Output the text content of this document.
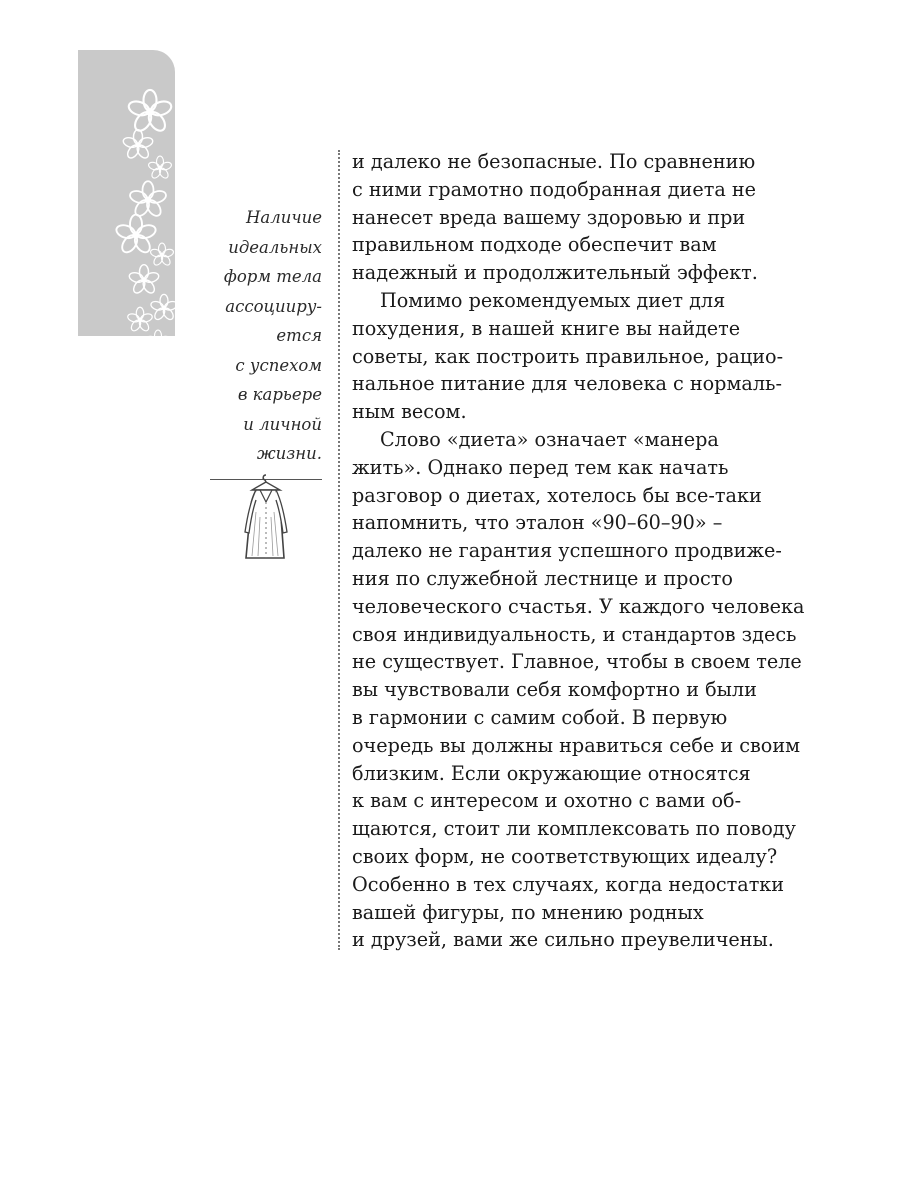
Наличие
идеальных
форм тела
ассоцииру-
ется
с успехом
в карьере
и личной
жизни.
и далеко не безопасные. По сравнению
с ними грамотно подобранная диета не
нанесет вреда вашему здоровью и при
правильном подходе обеспечит вам
надежный и продолжительный эффект.
Помимо рекомендуемых диет для
похудения, в нашей книге вы найдете
советы, как построить правильное, рацио-
нальное питание для человека с нормаль-
ным весом.
Слово «диета» означает «манера
жить». Однако перед тем как начать
разговор о диетах, хотелось бы все-таки
напомнить, что эталон «90–60–90» –
далеко не гарантия успешного продвиже-
ния по служебной лестнице и просто
человеческого счастья. У каждого человека
своя индивидуальность, и стандартов здесь
не существует. Главное, чтобы в своем теле
вы чувствовали себя комфортно и были
в гармонии с самим собой. В первую
очередь вы должны нравиться себе и своим
близким. Если окружающие относятся
к вам с интересом и охотно с вами об-
щаются, стоит ли комплексовать по поводу
своих форм, не соответствующих идеалу?
Особенно в тех случаях, когда недостатки
вашей фигуры, по мнению родных
и друзей, вами же сильно преувеличены.
